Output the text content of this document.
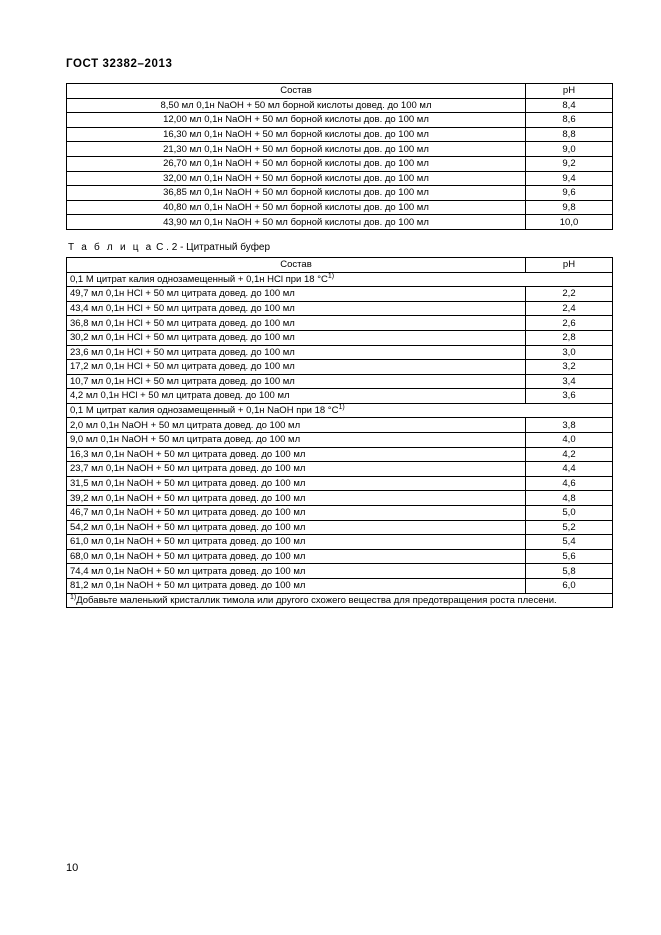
ГОСТ 32382–2013
Состав	pH
8,50 мл 0,1н NaOH + 50 мл борной кислоты довед. до 100 мл	8,4
12,00 мл 0,1н NaOH + 50 мл борной кислоты дов. до 100 мл	8,6
16,30 мл 0,1н NaOH + 50 мл борной кислоты дов. до 100 мл	8,8
21,30 мл 0,1н NaOH + 50 мл борной кислоты дов. до 100 мл	9,0
26,70 мл 0,1н NaOH + 50 мл борной кислоты дов. до 100 мл	9,2
32,00 мл 0,1н NaOH + 50 мл борной кислоты дов. до 100 мл	9,4
36,85 мл 0,1н NaOH + 50 мл борной кислоты дов. до 100 мл	9,6
40,80 мл 0,1н NaOH + 50 мл борной кислоты дов. до 100 мл	9,8
43,90 мл 0,1н NaOH + 50 мл борной кислоты дов. до 100 мл	10,0
Т а б л и ц а С . 2 - Цитратный буфер
Состав	pH
0,1 М цитрат калия однозамещенный + 0,1н HCl при 18 $^\circ С^{1)}$
49,7 мл 0,1н HCl + 50 мл цитрата довед. до 100 мл	2,2
43,4 мл 0,1н HCl + 50 мл цитрата довед. до 100 мл	2,4
36,8 мл 0,1н HCl + 50 мл цитрата довед. до 100 мл	2,6
30,2 мл 0,1н HCl + 50 мл цитрата довед. до 100 мл	2,8
23,6 мл 0,1н HCl + 50 мл цитрата довед. до 100 мл	3,0
17,2 мл 0,1н HCl + 50 мл цитрата довед. до 100 мл	3,2
10,7 мл 0,1н HCl + 50 мл цитрата довед. до 100 мл	3,4
4,2 мл 0,1н HCl + 50 мл цитрата довед. до 100 мл	3,6
0,1 М цитрат калия однозамещенный + 0,1н NaOH при 18 $^\circ С^{1)}$
2,0 мл 0,1н NaOH + 50 мл цитрата довед. до 100 мл	3,8
9,0 мл 0,1н NaOH + 50 мл цитрата довед. до 100 мл	4,0
16,3 мл 0,1н NaOH + 50 мл цитрата довед. до 100 мл	4,2
23,7 мл 0,1н NaOH + 50 мл цитрата довед. до 100 мл	4,4
31,5 мл 0,1н NaOH + 50 мл цитрата довед. до 100 мл	4,6
39,2 мл 0,1н NaOH + 50 мл цитрата довед. до 100 мл	4,8
46,7 мл 0,1н NaOH + 50 мл цитрата довед. до 100 мл	5,0
54,2 мл 0,1н NaOH + 50 мл цитрата довед. до 100 мл	5,2
61,0 мл 0,1н NaOH + 50 мл цитрата довед. до 100 мл	5,4
68,0 мл 0,1н NaOH + 50 мл цитрата довед. до 100 мл	5,6
74,4 мл 0,1н NaOH + 50 мл цитрата довед. до 100 мл	5,8
81,2 мл 0,1н NaOH + 50 мл цитрата довед. до 100 мл	6,0
$^{1)}$Добавьте маленький кристаллик тимола или другого схожего вещества для предотвращения роста плесени.	
10
